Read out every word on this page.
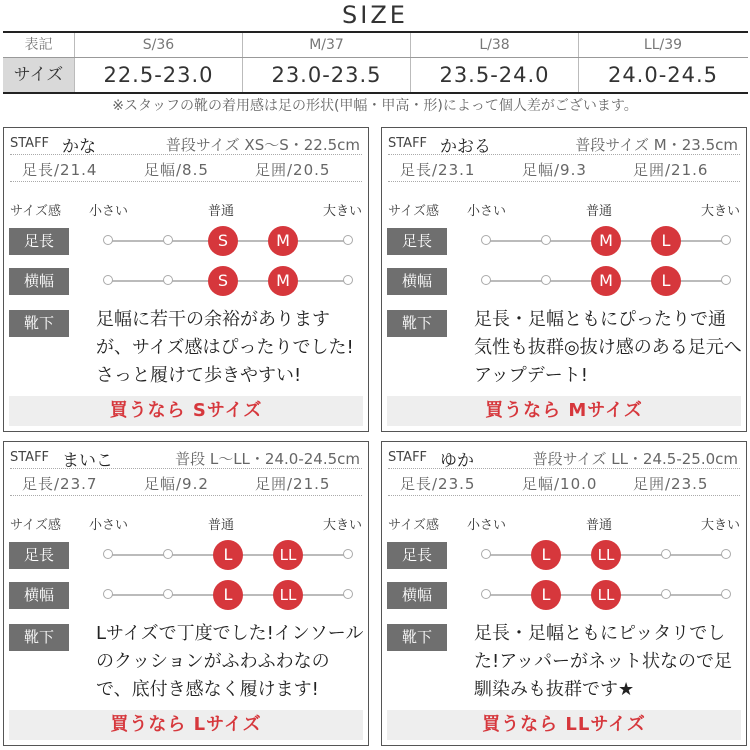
SIZE
表記	S/36	M/37	L/38	LL/39
サイズ	22.5-23.0	23.0-23.5	23.5-24.0	24.0-24.5
※スタッフの靴の着用感は足の形状(甲幅・甲高・形)によって個人差がございます。
STAFF かな	普段サイズ XS〜S・22.5cm
足長/21.4	足幅/8.5	足囲/20.5
サイズ感 小さい	普通	大きい
足長
横幅
靴下
S	M
S	M
足幅に若干の余裕がありますが、サイズ感はぴったりでした!さっと履けて歩きやすい!
買うなら Sサイズ
STAFF かおる	普段サイズ M・23.5cm
足長/23.1	足幅/9.3	足囲/21.6
サイズ感 小さい	普通	大きい
足長
横幅
靴下
M	L
M	L
足長・足幅ともにぴったりで通気性も抜群◎抜け感のある足元へアップデート!
買うなら Mサイズ
STAFF まいこ	普段 L〜LL・24.0-24.5cm
足長/23.7	足幅/9.2	足囲/21.5
サイズ感 小さい	普通	大きい
足長
横幅
靴下
L	LL
L	LL
Lサイズで丁度でした!インソールのクッションがふわふわなので、底付き感なく履けます!
買うなら Lサイズ
STAFF ゆか	普段サイズ LL・24.5-25.0cm
足長/23.5	足幅/10.0 足囲/23.5
サイズ感 小さい	普通	大きい
足長
横幅
靴下
L	LL
L	LL
足長・足幅ともにピッタリでした!アッパーがネット状なので足馴染みも抜群です★
買うなら LLサイズ
